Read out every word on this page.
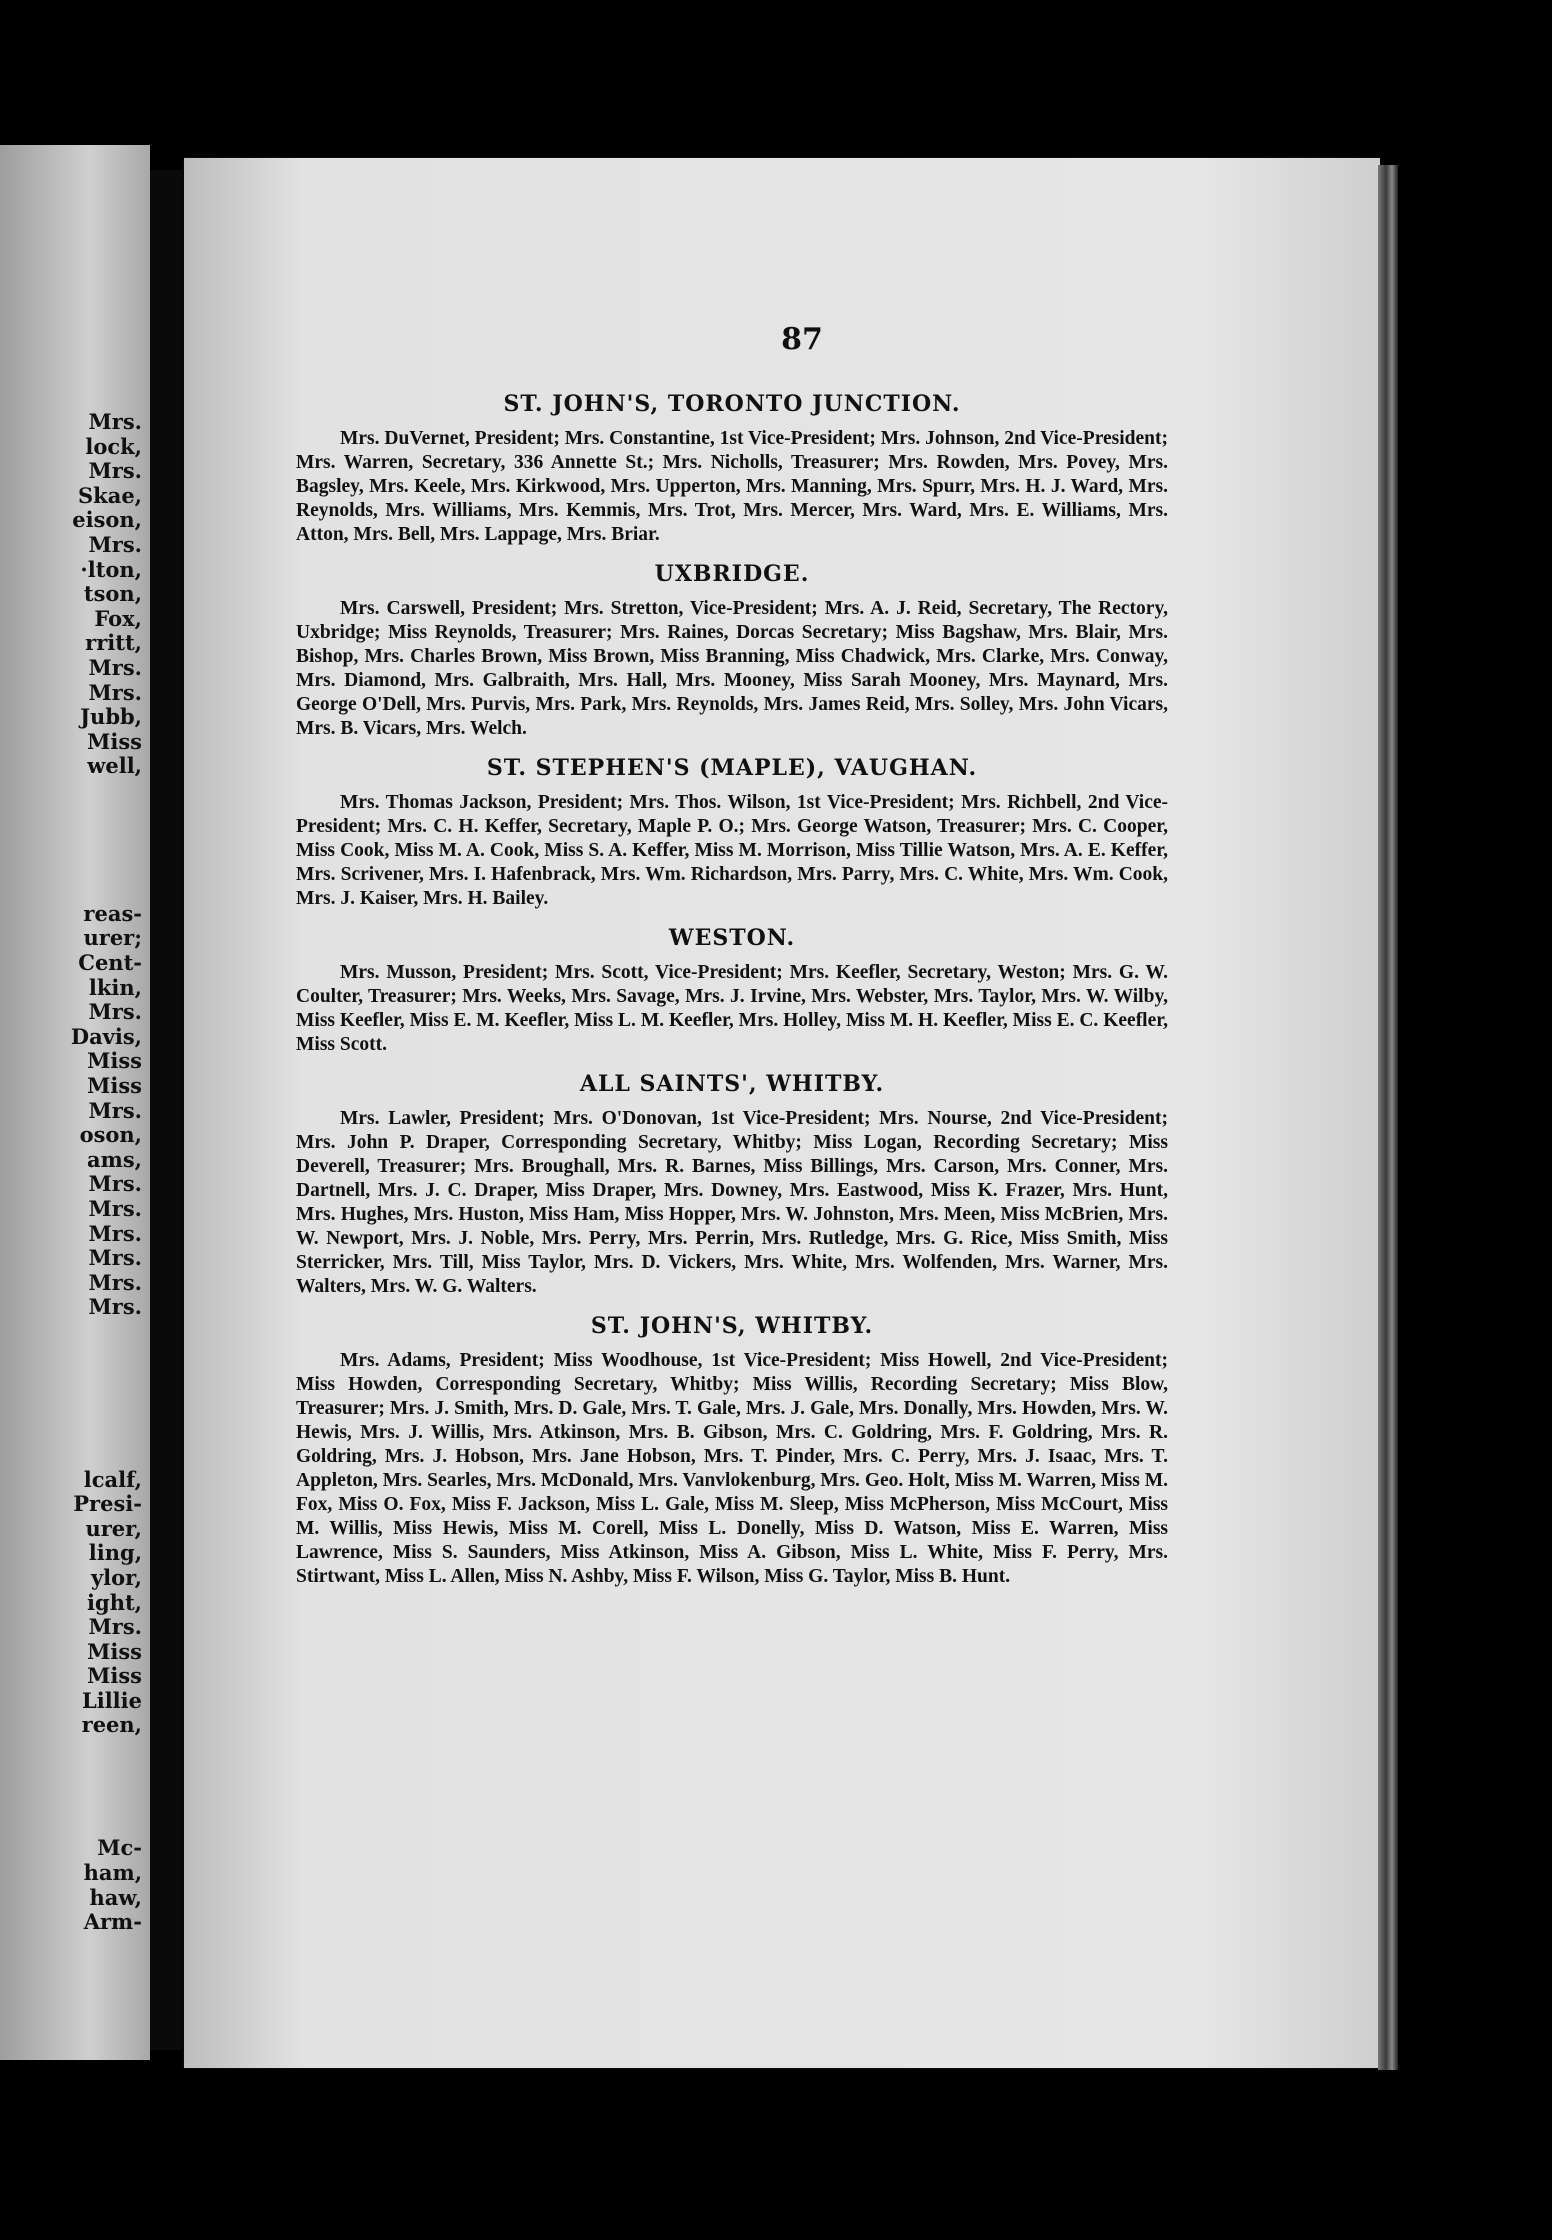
Mrs.
lock,
Mrs.
Skae,
eison,
Mrs.
·lton,
tson,
Fox,
rritt,
Mrs.
Mrs.
Jubb,
Miss
well,
reas-
urer;
Cent-
lkin,
Mrs.
Davis,
Miss
Miss
Mrs.
oson,
ams,
Mrs.
Mrs.
Mrs.
Mrs.
Mrs.
Mrs.
lcalf,
Presi-
urer,
ling,
ylor,
ight,
Mrs.
Miss
Miss
Lillie
reen,
Mc-
ham,
haw,
Arm-
87
ST. JOHN'S, TORONTO JUNCTION.

Mrs. DuVernet, President; Mrs. Constantine, 1st Vice-President; Mrs. Johnson, 2nd Vice-President; Mrs. Warren, Secretary, 336 Annette St.; Mrs. Nicholls, Treasurer; Mrs. Rowden, Mrs. Povey, Mrs. Bagsley, Mrs. Keele, Mrs. Kirkwood, Mrs. Upperton, Mrs. Manning, Mrs. Spurr, Mrs. H. J. Ward, Mrs. Reynolds, Mrs. Williams, Mrs. Kemmis, Mrs. Trot, Mrs. Mercer, Mrs. Ward, Mrs. E. Williams, Mrs. Atton, Mrs. Bell, Mrs. Lappage, Mrs. Briar.

UXBRIDGE.

Mrs. Carswell, President; Mrs. Stretton, Vice-President; Mrs. A. J. Reid, Secretary, The Rectory, Uxbridge; Miss Reynolds, Treasurer; Mrs. Raines, Dorcas Secretary; Miss Bagshaw, Mrs. Blair, Mrs. Bishop, Mrs. Charles Brown, Miss Brown, Miss Branning, Miss Chadwick, Mrs. Clarke, Mrs. Conway, Mrs. Diamond, Mrs. Galbraith, Mrs. Hall, Mrs. Mooney, Miss Sarah Mooney, Mrs. Maynard, Mrs. George O'Dell, Mrs. Purvis, Mrs. Park, Mrs. Reynolds, Mrs. James Reid, Mrs. Solley, Mrs. John Vicars, Mrs. B. Vicars, Mrs. Welch.

ST. STEPHEN'S (MAPLE), VAUGHAN.

Mrs. Thomas Jackson, President; Mrs. Thos. Wilson, 1st Vice-President; Mrs. Richbell, 2nd Vice-President; Mrs. C. H. Keffer, Secretary, Maple P. O.; Mrs. George Watson, Treasurer; Mrs. C. Cooper, Miss Cook, Miss M. A. Cook, Miss S. A. Keffer, Miss M. Morrison, Miss Tillie Watson, Mrs. A. E. Keffer, Mrs. Scrivener, Mrs. I. Hafenbrack, Mrs. Wm. Richardson, Mrs. Parry, Mrs. C. White, Mrs. Wm. Cook, Mrs. J. Kaiser, Mrs. H. Bailey.

WESTON.

Mrs. Musson, President; Mrs. Scott, Vice-President; Mrs. Keefler, Secretary, Weston; Mrs. G. W. Coulter, Treasurer; Mrs. Weeks, Mrs. Savage, Mrs. J. Irvine, Mrs. Webster, Mrs. Taylor, Mrs. W. Wilby, Miss Keefler, Miss E. M. Keefler, Miss L. M. Keefler, Mrs. Holley, Miss M. H. Keefler, Miss E. C. Keefler, Miss Scott.

ALL SAINTS', WHITBY.

Mrs. Lawler, President; Mrs. O'Donovan, 1st Vice-President; Mrs. Nourse, 2nd Vice-President; Mrs. John P. Draper, Corresponding Secretary, Whitby; Miss Logan, Recording Secretary; Miss Deverell, Treasurer; Mrs. Broughall, Mrs. R. Barnes, Miss Billings, Mrs. Carson, Mrs. Conner, Mrs. Dartnell, Mrs. J. C. Draper, Miss Draper, Mrs. Downey, Mrs. Eastwood, Miss K. Frazer, Mrs. Hunt, Mrs. Hughes, Mrs. Huston, Miss Ham, Miss Hopper, Mrs. W. Johnston, Mrs. Meen, Miss McBrien, Mrs. W. Newport, Mrs. J. Noble, Mrs. Perry, Mrs. Perrin, Mrs. Rutledge, Mrs. G. Rice, Miss Smith, Miss Sterricker, Mrs. Till, Miss Taylor, Mrs. D. Vickers, Mrs. White, Mrs. Wolfenden, Mrs. Warner, Mrs. Walters, Mrs. W. G. Walters.

ST. JOHN'S, WHITBY.

Mrs. Adams, President; Miss Woodhouse, 1st Vice-President; Miss Howell, 2nd Vice-President; Miss Howden, Corresponding Secretary, Whitby; Miss Willis, Recording Secretary; Miss Blow, Treasurer; Mrs. J. Smith, Mrs. D. Gale, Mrs. T. Gale, Mrs. J. Gale, Mrs. Donally, Mrs. Howden, Mrs. W. Hewis, Mrs. J. Willis, Mrs. Atkinson, Mrs. B. Gibson, Mrs. C. Goldring, Mrs. F. Goldring, Mrs. R. Goldring, Mrs. J. Hobson, Mrs. Jane Hobson, Mrs. T. Pinder, Mrs. C. Perry, Mrs. J. Isaac, Mrs. T. Appleton, Mrs. Searles, Mrs. McDonald, Mrs. Vanvlokenburg, Mrs. Geo. Holt, Miss M. Warren, Miss M. Fox, Miss O. Fox, Miss F. Jackson, Miss L. Gale, Miss M. Sleep, Miss McPherson, Miss McCourt, Miss M. Willis, Miss Hewis, Miss M. Corell, Miss L. Donelly, Miss D. Watson, Miss E. Warren, Miss Lawrence, Miss S. Saunders, Miss Atkinson, Miss A. Gibson, Miss L. White, Miss F. Perry, Mrs. Stirtwant, Miss L. Allen, Miss N. Ashby, Miss F. Wilson, Miss G. Taylor, Miss B. Hunt.
